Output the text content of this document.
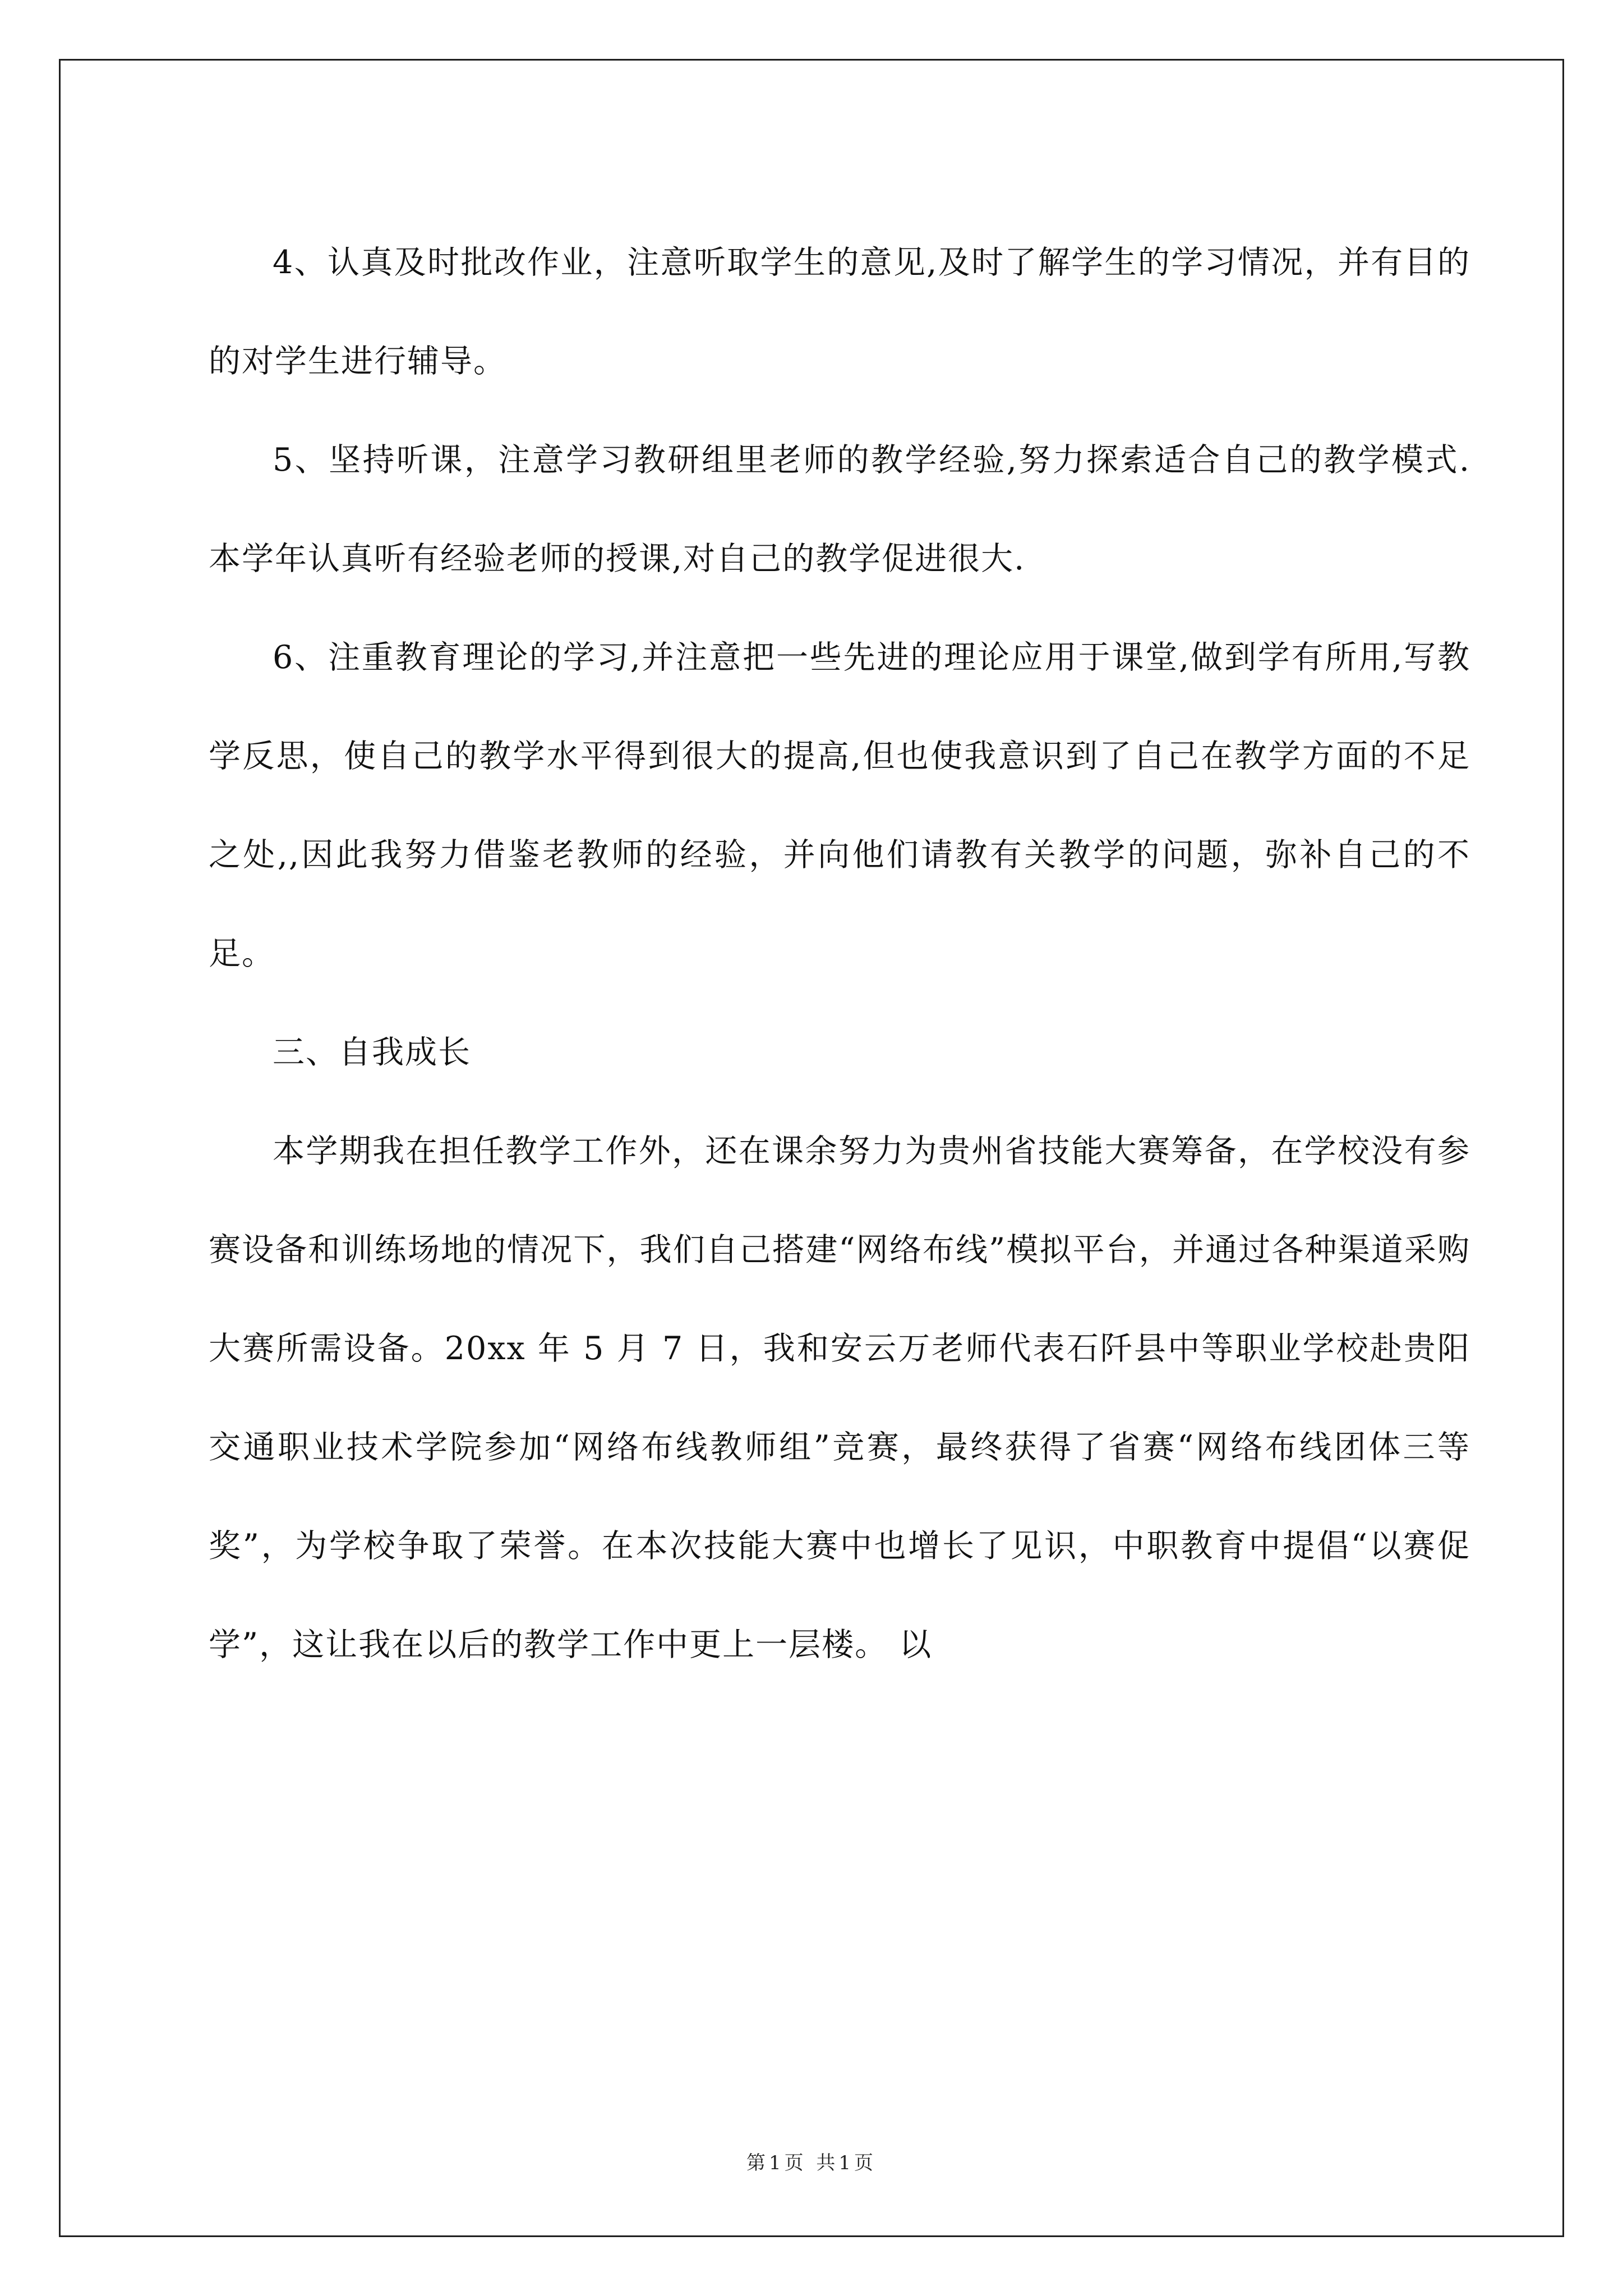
4、认真及时批改作业，注意听取学生的意见,及时了解学生的学习情况，并有目的的对学生进行辅导。

5、坚持听课，注意学习教研组里老师的教学经验,努力探索适合自己的教学模式.本学年认真听有经验老师的授课,对自己的教学促进很大.

6、注重教育理论的学习,并注意把一些先进的理论应用于课堂,做到学有所用,写教学反思，使自己的教学水平得到很大的提高,但也使我意识到了自己在教学方面的不足之处,,因此我努力借鉴老教师的经验，并向他们请教有关教学的问题，弥补自己的不足。

三、自我成长

本学期我在担任教学工作外，还在课余努力为贵州省技能大赛筹备，在学校没有参赛设备和训练场地的情况下，我们自己搭建“网络布线”模拟平台，并通过各种渠道采购大赛所需设备。20xx 年 5 月 7 日，我和安云万老师代表石阡县中等职业学校赴贵阳交通职业技术学院参加“网络布线教师组”竞赛，最终获得了省赛“网络布线团体三等奖”，为学校争取了荣誉。在本次技能大赛中也增长了见识，中职教育中提倡“以赛促学”，这让我在以后的教学工作中更上一层楼。 以

第1页 共1页
